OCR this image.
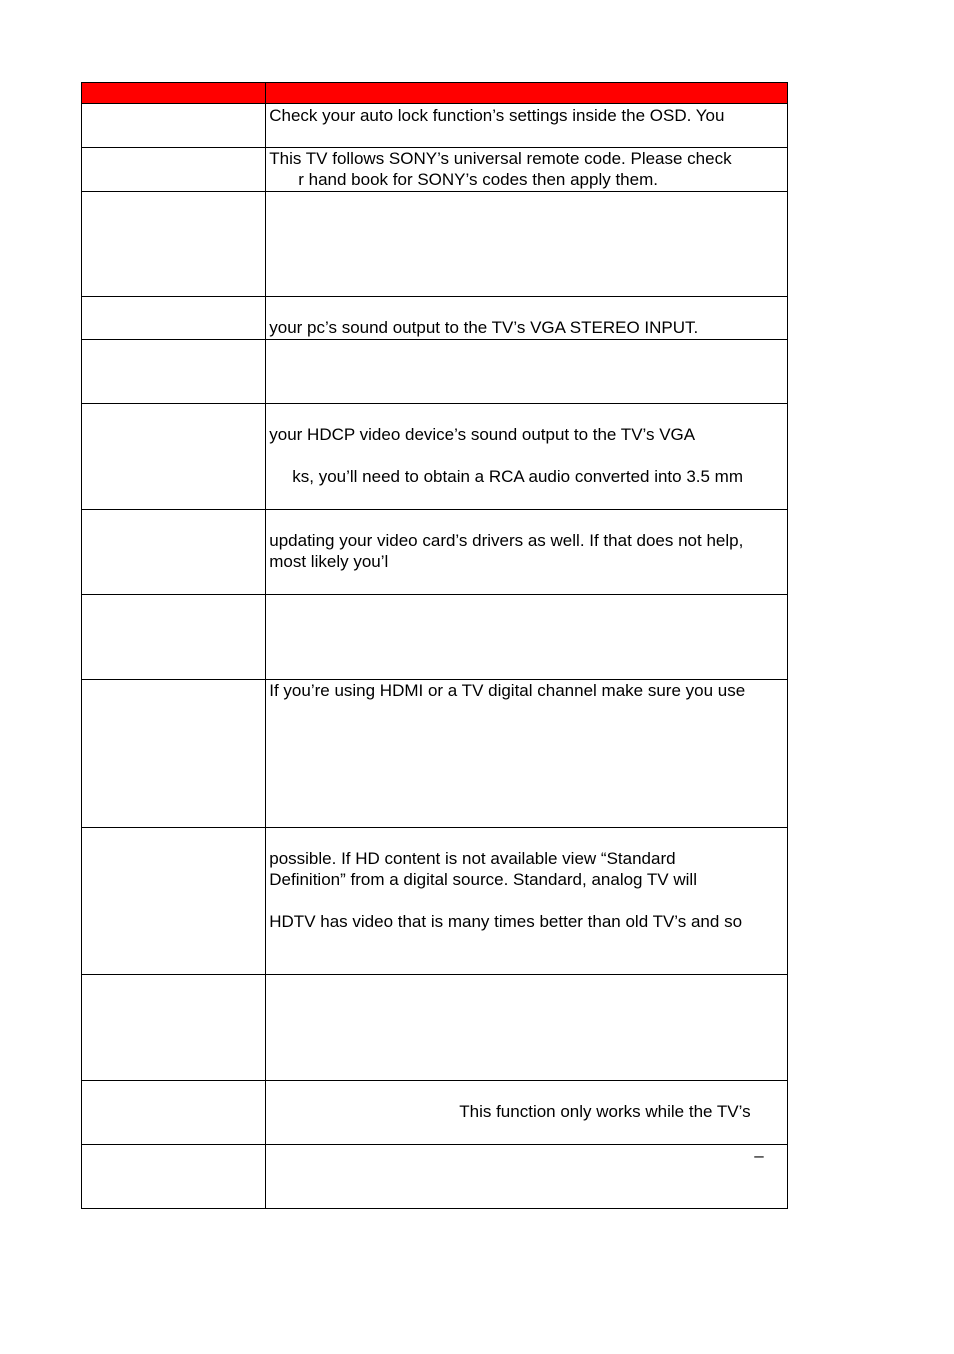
	Check your auto lock function’s settings inside the OSD. You

	This TV follows SONY’s universal remote code. Please check
r hand book for SONY’s codes then apply them.

	your pc’s sound output to the TV’s VGA STEREO INPUT.

	your HDCP video device’s sound output to the TV’s VGA
ks, you’ll need to obtain a RCA audio converted into 3.5 mm

	updating your video card’s drivers as well. If that does not help,
most likely you’l

	If you’re using HDMI or a TV digital channel make sure you use

	possible. If HD content is not available view “Standard
Definition” from a digital source. Standard, analog TV will
HDTV has video that is many times better than old TV’s and so

	This function only works while the TV’s

	–
